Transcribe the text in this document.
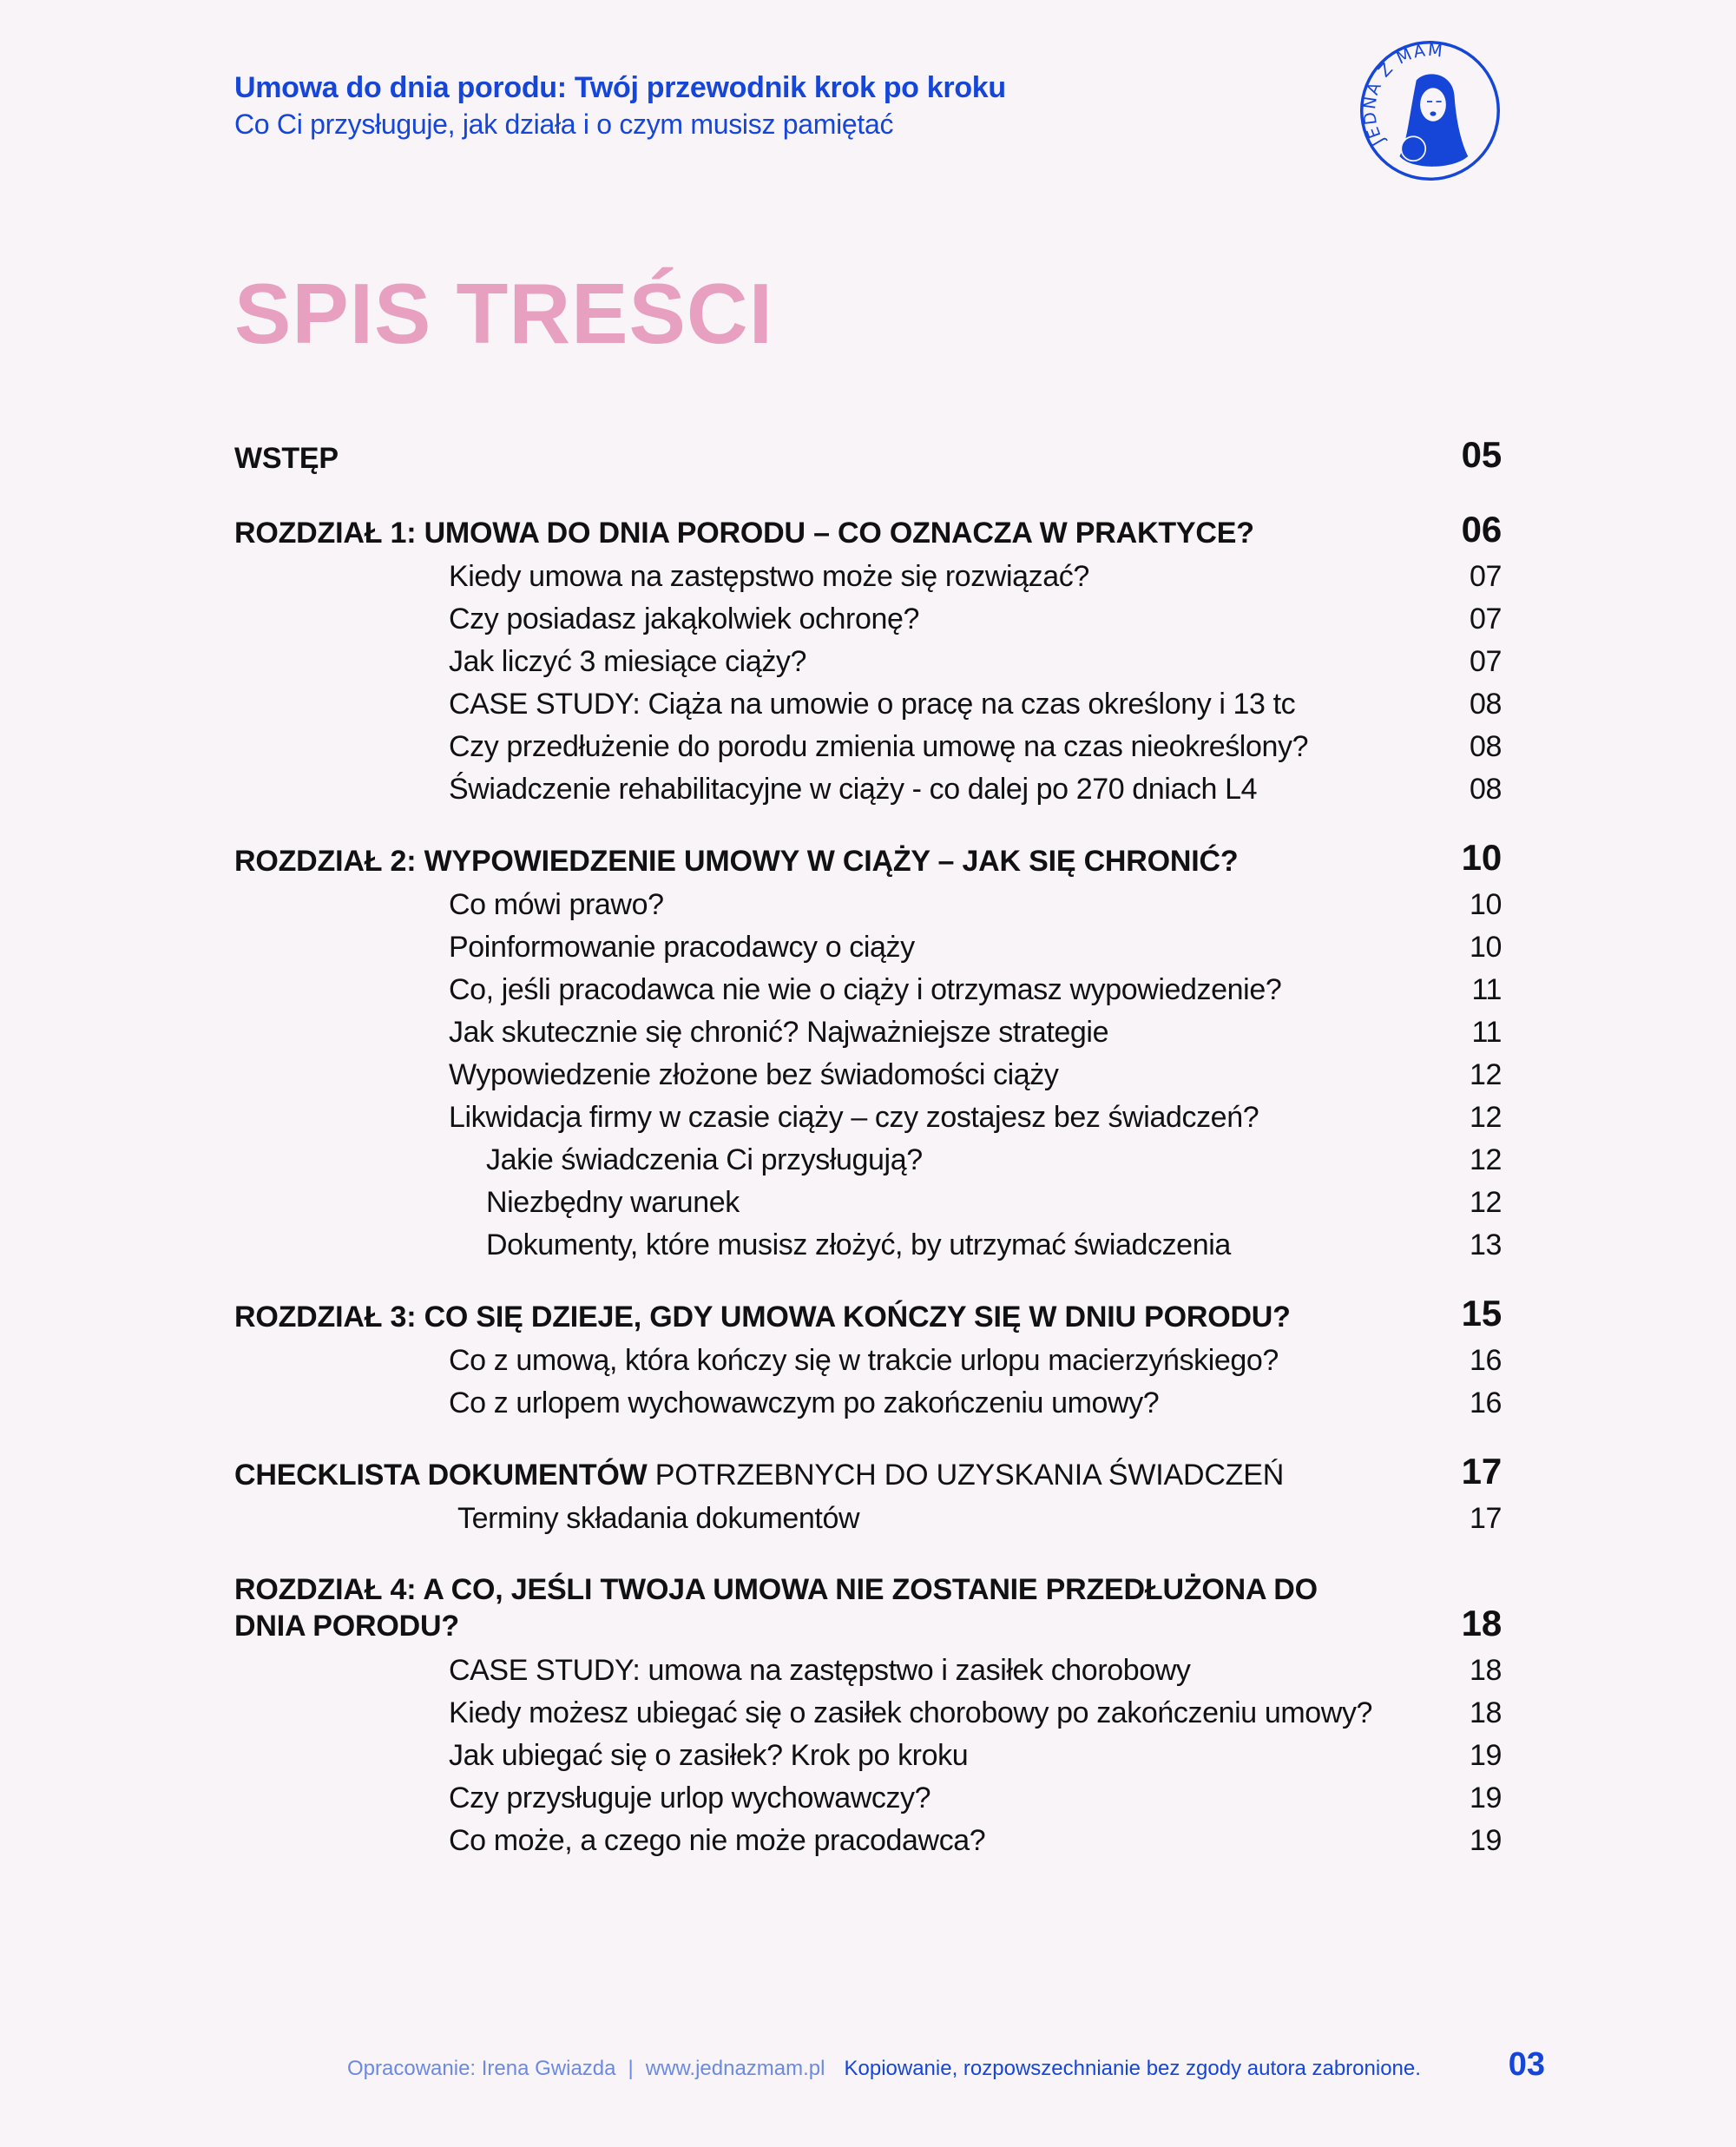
Umowa do dnia porodu: Twój przewodnik krok po kroku
Co Ci przysługuje, jak działa i o czym musisz pamiętać
JEDNA Z MAM
SPIS TREŚCI
WSTĘP	05
ROZDZIAŁ 1: UMOWA DO DNIA PORODU – CO OZNACZA W PRAKTYCE?	06
Kiedy umowa na zastępstwo może się rozwiązać?	07
Czy posiadasz jakąkolwiek ochronę?	07
Jak liczyć 3 miesiące ciąży?	07
CASE STUDY: Ciąża na umowie o pracę na czas określony i 13 tc	08
Czy przedłużenie do porodu zmienia umowę na czas nieokreślony?	08
Świadczenie rehabilitacyjne w ciąży - co dalej po 270 dniach L4	08
ROZDZIAŁ 2: WYPOWIEDZENIE UMOWY W CIĄŻY – JAK SIĘ CHRONIĆ?	10
Co mówi prawo?	10
Poinformowanie pracodawcy o ciąży	10
Co, jeśli pracodawca nie wie o ciąży i otrzymasz wypowiedzenie?	11
Jak skutecznie się chronić? Najważniejsze strategie	11
Wypowiedzenie złożone bez świadomości ciąży	12
Likwidacja firmy w czasie ciąży – czy zostajesz bez świadczeń?	12
Jakie świadczenia Ci przysługują?	12
Niezbędny warunek	12
Dokumenty, które musisz złożyć, by utrzymać świadczenia	13
ROZDZIAŁ 3: CO SIĘ DZIEJE, GDY UMOWA KOŃCZY SIĘ W DNIU PORODU?	15
Co z umową, która kończy się w trakcie urlopu macierzyńskiego?	16
Co z urlopem wychowawczym po zakończeniu umowy?	16
CHECKLISTA DOKUMENTÓW POTRZEBNYCH DO UZYSKANIA ŚWIADCZEŃ	17
Terminy składania dokumentów	17
ROZDZIAŁ 4: A CO, JEŚLI TWOJA UMOWA NIE ZOSTANIE PRZEDŁUŻONA DO
DNIA PORODU?	18
CASE STUDY: umowa na zastępstwo i zasiłek chorobowy	18
Kiedy możesz ubiegać się o zasiłek chorobowy po zakończeniu umowy?	18
Jak ubiegać się o zasiłek? Krok po kroku	19
Czy przysługuje urlop wychowawczy?	19
Co może, a czego nie może pracodawca?	19
Opracowanie: Irena Gwiazda | www.jednazmam.pl Kopiowanie, rozpowszechnianie bez zgody autora zabronione.	03
